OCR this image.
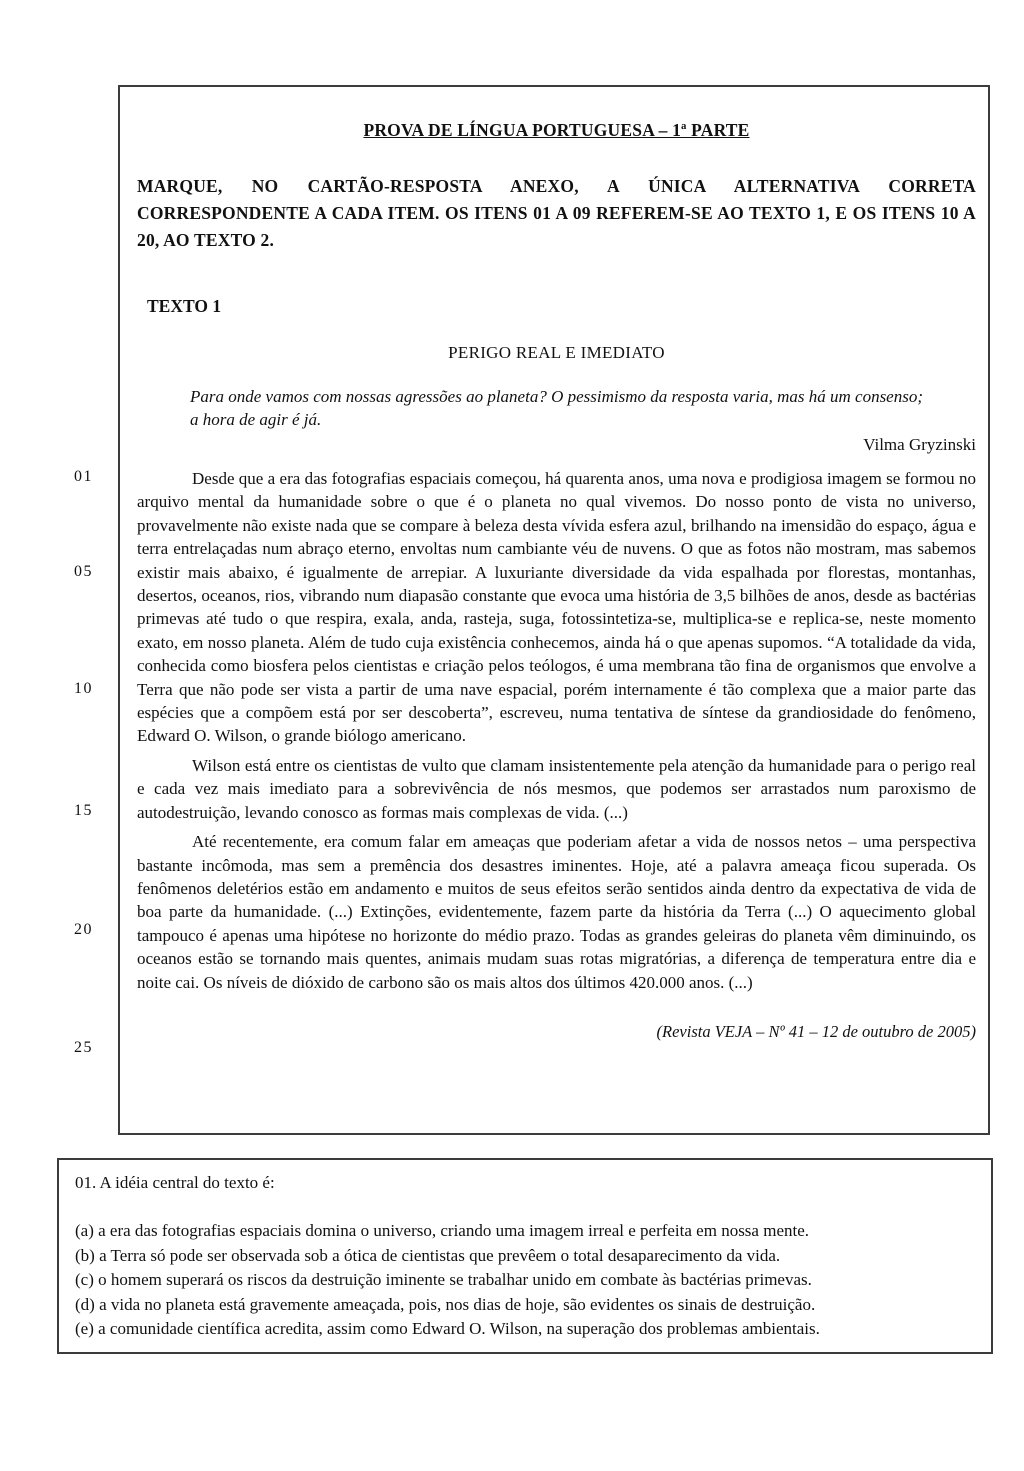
01
05
10
15
20
25
PROVA DE LÍNGUA PORTUGUESA – 1ª PARTE
MARQUE, NO CARTÃO-RESPOSTA ANEXO, A ÚNICA ALTERNATIVA CORRETA CORRESPONDENTE A CADA ITEM. OS ITENS 01 A 09 REFEREM-SE AO TEXTO 1, E OS ITENS 10 A 20, AO TEXTO 2.
TEXTO 1
PERIGO REAL E IMEDIATO
Para onde vamos com nossas agressões ao planeta? O pessimismo da resposta varia, mas há um consenso; a hora de agir é já.
Vilma Gryzinski

Desde que a era das fotografias espaciais começou, há quarenta anos, uma nova e prodigiosa imagem se formou no arquivo mental da humanidade sobre o que é o planeta no qual vivemos. Do nosso ponto de vista no universo, provavelmente não existe nada que se compare à beleza desta vívida esfera azul, brilhando na imensidão do espaço, água e terra entrelaçadas num abraço eterno, envoltas num cambiante véu de nuvens. O que as fotos não mostram, mas sabemos existir mais abaixo, é igualmente de arrepiar. A luxuriante diversidade da vida espalhada por florestas, montanhas, desertos, oceanos, rios, vibrando num diapasão constante que evoca uma história de 3,5 bilhões de anos, desde as bactérias primevas até tudo o que respira, exala, anda, rasteja, suga, fotossintetiza-se, multiplica-se e replica-se, neste momento exato, em nosso planeta. Além de tudo cuja existência conhecemos, ainda há o que apenas supomos. “A totalidade da vida, conhecida como biosfera pelos cientistas e criação pelos teólogos, é uma membrana tão fina de organismos que envolve a Terra que não pode ser vista a partir de uma nave espacial, porém internamente é tão complexa que a maior parte das espécies que a compõem está por ser descoberta”, escreveu, numa tentativa de síntese da grandiosidade do fenômeno, Edward O. Wilson, o grande biólogo americano.

Wilson está entre os cientistas de vulto que clamam insistentemente pela atenção da humanidade para o perigo real e cada vez mais imediato para a sobrevivência de nós mesmos, que podemos ser arrastados num paroxismo de autodestruição, levando conosco as formas mais complexas de vida. (...)

Até recentemente, era comum falar em ameaças que poderiam afetar a vida de nossos netos – uma perspectiva bastante incômoda, mas sem a premência dos desastres iminentes. Hoje, até a palavra ameaça ficou superada. Os fenômenos deletérios estão em andamento e muitos de seus efeitos serão sentidos ainda dentro da expectativa de vida de boa parte da humanidade. (...) Extinções, evidentemente, fazem parte da história da Terra (...) O aquecimento global tampouco é apenas uma hipótese no horizonte do médio prazo. Todas as grandes geleiras do planeta vêm diminuindo, os oceanos estão se tornando mais quentes, animais mudam suas rotas migratórias, a diferença de temperatura entre dia e noite cai. Os níveis de dióxido de carbono são os mais altos dos últimos 420.000 anos. (...)

(Revista VEJA – Nº 41 – 12 de outubro de 2005)
01. A idéia central do texto é:
(a) a era das fotografias espaciais domina o universo, criando uma imagem irreal e perfeita em nossa mente.
(b) a Terra só pode ser observada sob a ótica de cientistas que prevêem o total desaparecimento da vida.
(c) o homem superará os riscos da destruição iminente se trabalhar unido em combate às bactérias primevas.
(d) a vida no planeta está gravemente ameaçada, pois, nos dias de hoje, são evidentes os sinais de destruição.
(e) a comunidade científica acredita, assim como Edward O. Wilson, na superação dos problemas ambientais.
